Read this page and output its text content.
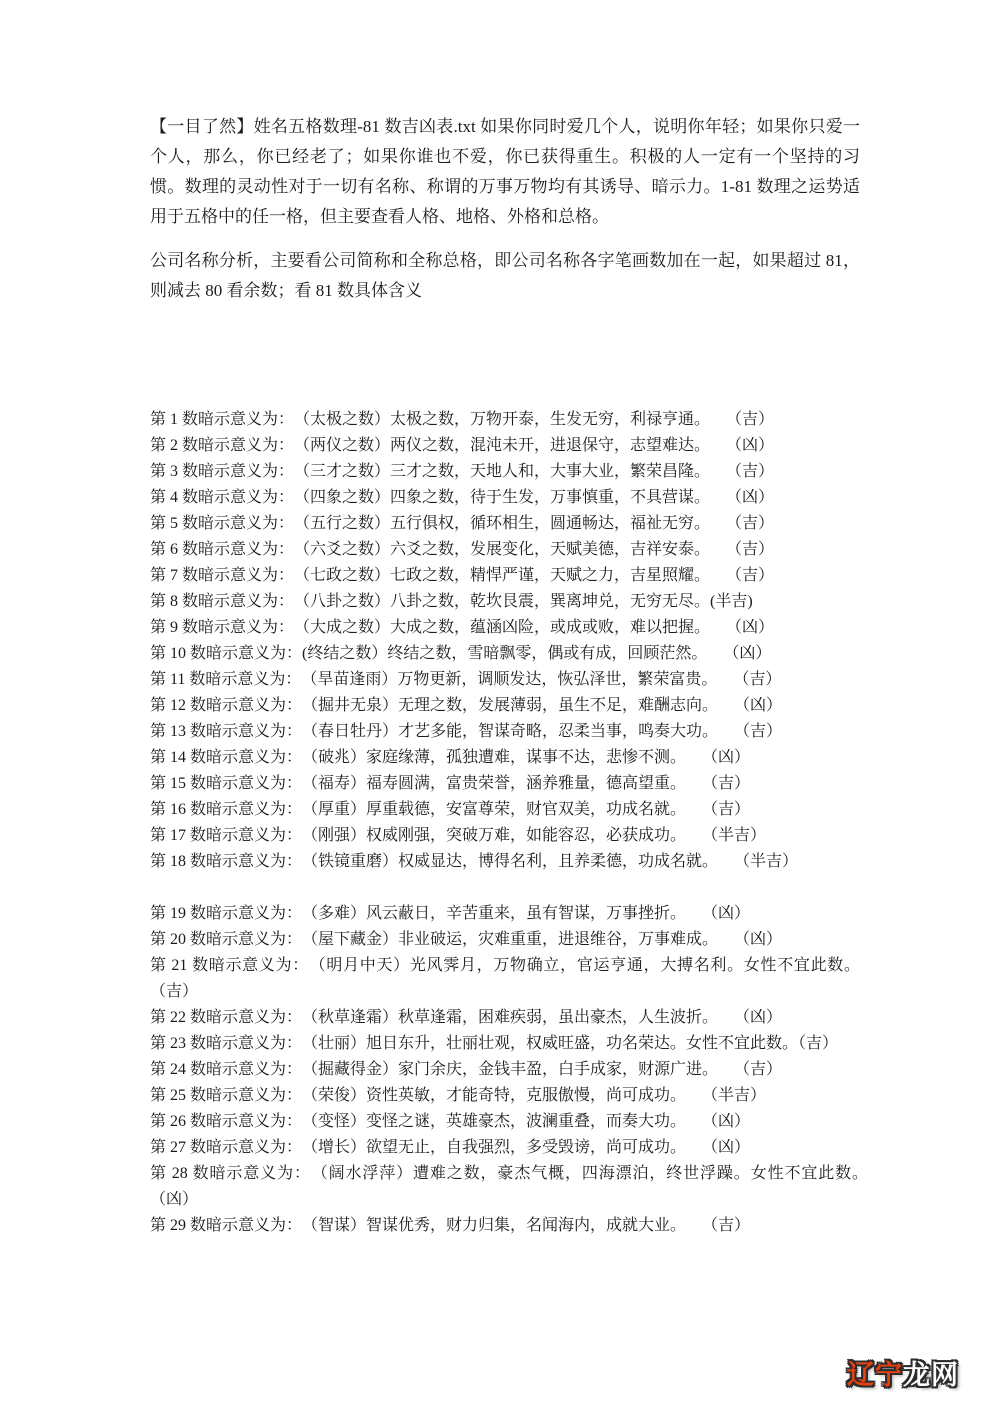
【一目了然】姓名五格数理-81 数吉凶表.txt 如果你同时爱几个人，说明你年轻；如果你只爱一个人，那么，你已经老了；如果你谁也不爱，你已获得重生。积极的人一定有一个坚持的习惯。数理的灵动性对于一切有名称、称谓的万事万物均有其诱导、暗示力。1-81 数理之运势适用于五格中的任一格，但主要查看人格、地格、外格和总格。

公司名称分析，主要看公司简称和全称总格，即公司名称各字笔画数加在一起，如果超过 81，则减去 80 看余数；看 81 数具体含义

第 1 数暗示意义为：　（太极之数）太极之数，万物开泰，生发无穷，利禄亨通。　　（吉）

第 2 数暗示意义为：　（两仪之数）两仪之数，混沌未开，进退保守，志望难达。　　（凶）

第 3 数暗示意义为：　（三才之数）三才之数，天地人和，大事大业，繁荣昌隆。　　（吉）

第 4 数暗示意义为：　（四象之数）四象之数，待于生发，万事慎重，不具营谋。　　（凶）

第 5 数暗示意义为：　（五行之数）五行俱权，循环相生，圆通畅达，福祉无穷。　　（吉）

第 6 数暗示意义为：　（六爻之数）六爻之数，发展变化，天赋美德，吉祥安泰。　　（吉）

第 7 数暗示意义为：　（七政之数）七政之数，精悍严谨，天赋之力，吉星照耀。　　（吉）

第 8 数暗示意义为：　（八卦之数）八卦之数，乾坎艮震，巽离坤兑，无穷无尽。(半吉)

第 9 数暗示意义为：　（大成之数）大成之数，蕴涵凶险，或成或败，难以把握。　　（凶）

第 10 数暗示意义为：(终结之数）终结之数，雪暗飘零，偶或有成，回顾茫然。　　（凶）

第 11 数暗示意义为：　（旱苗逢雨）万物更新，调顺发达，恢弘泽世，繁荣富贵。　　（吉）

第 12 数暗示意义为：　（掘井无泉）无理之数，发展薄弱，虽生不足，难酬志向。　　（凶）

第 13 数暗示意义为：　（春日牡丹）才艺多能，智谋奇略，忍柔当事，鸣奏大功。　　（吉）

第 14 数暗示意义为：　（破兆）家庭缘薄，孤独遭难，谋事不达，悲惨不测。　　（凶）

第 15 数暗示意义为：　（福寿）福寿圆满，富贵荣誉，涵养雅量，德高望重。　　（吉）

第 16 数暗示意义为：　（厚重）厚重载德，安富尊荣，财官双美，功成名就。　　（吉）

第 17 数暗示意义为：　（刚强）权威刚强，突破万难，如能容忍，必获成功。　　（半吉）

第 18 数暗示意义为：　（铁镜重磨）权威显达，博得名利，且养柔德，功成名就。　　（半吉）

第 19 数暗示意义为：　（多难）风云蔽日，辛苦重来，虽有智谋，万事挫折。　　（凶）

第 20 数暗示意义为：　（屋下藏金）非业破运，灾难重重，进退维谷，万事难成。　　（凶）

第 21 数暗示意义为：　（明月中天）光风霁月，万物确立，官运亨通，大搏名利。女性不宜此数。（吉）

第 22 数暗示意义为：　（秋草逢霜）秋草逢霜，困难疾弱，虽出豪杰，人生波折。　　（凶）

第 23 数暗示意义为：　（壮丽）旭日东升，壮丽壮观，权威旺盛，功名荣达。女性不宜此数。（吉）

第 24 数暗示意义为：　（掘藏得金）家门余庆，金钱丰盈，白手成家，财源广进。　　（吉）

第 25 数暗示意义为：　（荣俊）资性英敏，才能奇特，克服傲慢，尚可成功。　　（半吉）

第 26 数暗示意义为：　（变怪）变怪之谜，英雄豪杰，波澜重叠，而奏大功。　　（凶）

第 27 数暗示意义为：　（增长）欲望无止，自我强烈，多受毁谤，尚可成功。　　（凶）

第 28 数暗示意义为：　（阔水浮萍）遭难之数，豪杰气概，四海漂泊，终世浮躁。女性不宜此数。　（凶）

第 29 数暗示意义为：　（智谋）智谋优秀，财力归集，名闻海内，成就大业。　　（吉）

辽宁龙网
